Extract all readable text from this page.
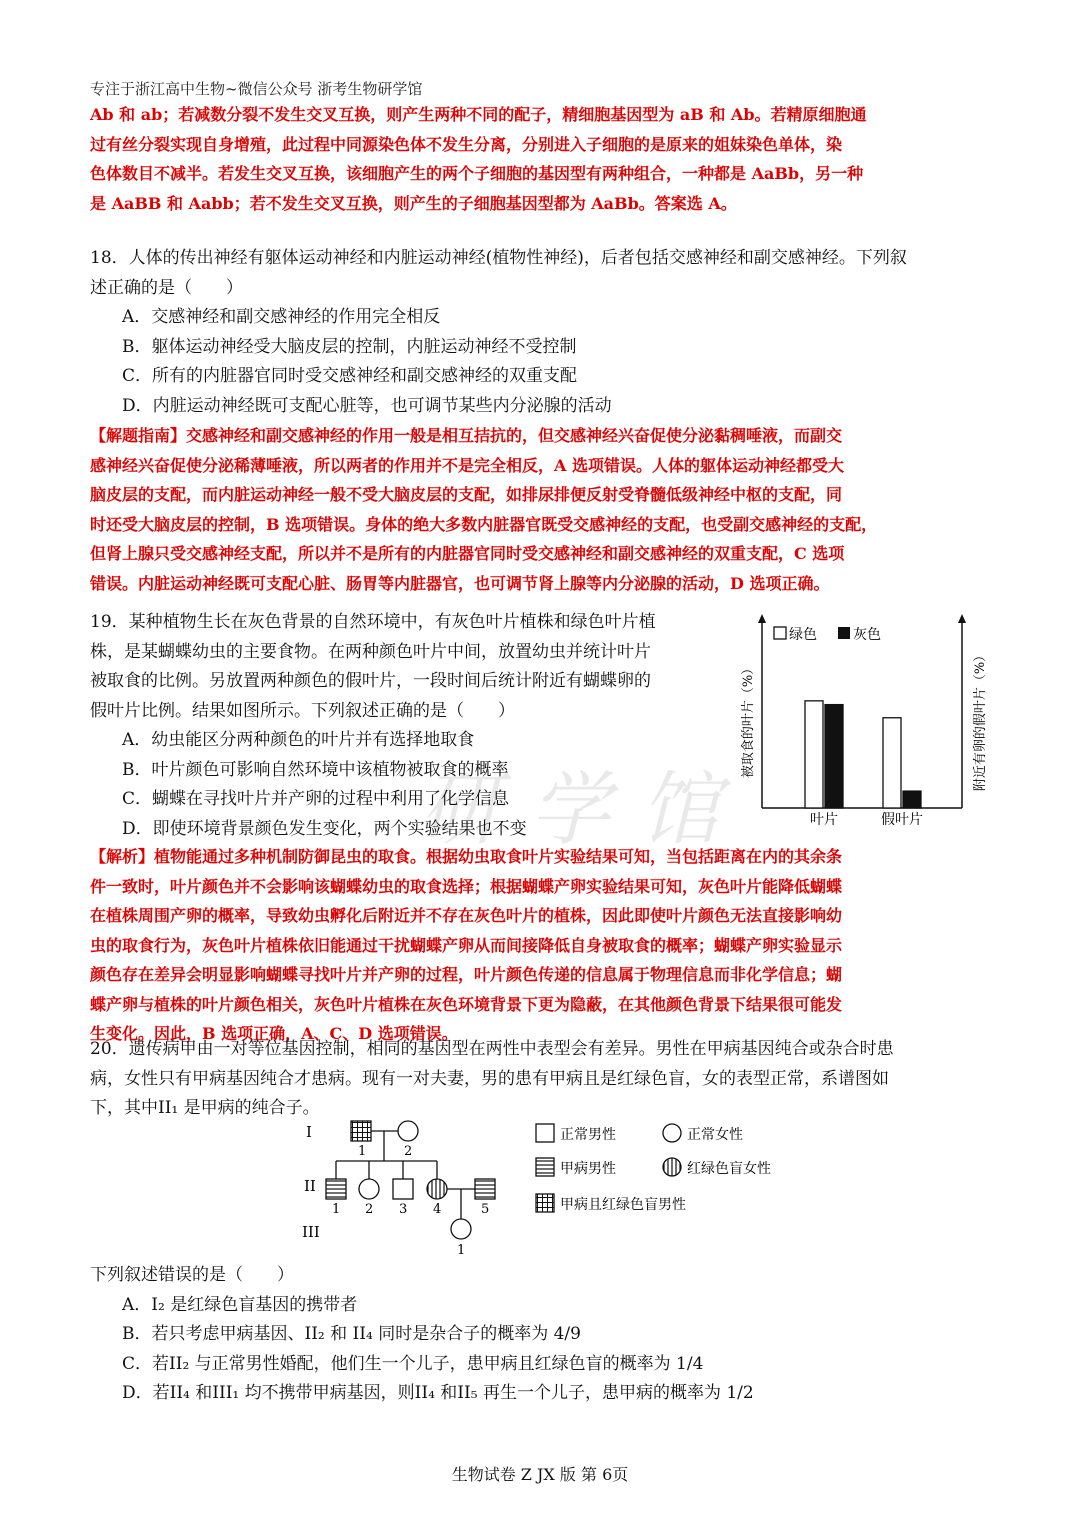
研学馆
专注于浙江高中生物~微信公众号 浙考生物研学馆
Ab 和 ab；若减数分裂不发生交叉互换，则产生两种不同的配子，精细胞基因型为 aB 和 Ab。若精原细胞通
过有丝分裂实现自身增殖，此过程中同源染色体不发生分离，分别进入子细胞的是原来的姐妹染色单体，染
色体数目不减半。若发生交叉互换，该细胞产生的两个子细胞的基因型有两种组合，一种都是 AaBb，另一种
是 AaBB 和 Aabb；若不发生交叉互换，则产生的子细胞基因型都为 AaBb。答案选 A。
18．人体的传出神经有躯体运动神经和内脏运动神经(植物性神经)，后者包括交感神经和副交感神经。下列叙
述正确的是（　　）
A．交感神经和副交感神经的作用完全相反
B．躯体运动神经受大脑皮层的控制，内脏运动神经不受控制
C．所有的内脏器官同时受交感神经和副交感神经的双重支配
D．内脏运动神经既可支配心脏等，也可调节某些内分泌腺的活动
【解题指南】交感神经和副交感神经的作用一般是相互拮抗的，但交感神经兴奋促使分泌黏稠唾液，而副交
感神经兴奋促使分泌稀薄唾液，所以两者的作用并不是完全相反，A 选项错误。人体的躯体运动神经都受大
脑皮层的支配，而内脏运动神经一般不受大脑皮层的支配，如排尿排便反射受脊髓低级神经中枢的支配，同
时还受大脑皮层的控制，B 选项错误。身体的绝大多数内脏器官既受交感神经的支配，也受副交感神经的支配，
但肾上腺只受交感神经支配，所以并不是所有的内脏器官同时受交感神经和副交感神经的双重支配，C 选项
错误。内脏运动神经既可支配心脏、肠胃等内脏器官，也可调节肾上腺等内分泌腺的活动，D 选项正确。
19．某种植物生长在灰色背景的自然环境中，有灰色叶片植株和绿色叶片植
株，是某蝴蝶幼虫的主要食物。在两种颜色叶片中间，放置幼虫并统计叶片
被取食的比例。另放置两种颜色的假叶片，一段时间后统计附近有蝴蝶卵的
假叶片比例。结果如图所示。下列叙述正确的是（　　）
A．幼虫能区分两种颜色的叶片并有选择地取食
B．叶片颜色可影响自然环境中该植物被取食的概率
C．蝴蝶在寻找叶片并产卵的过程中利用了化学信息
D．即使环境背景颜色发生变化，两个实验结果也不变
绿色	灰色
被取食的叶片（%）	附近有卵的假叶片（%）
叶片	假叶片
【解析】植物能通过多种机制防御昆虫的取食。根据幼虫取食叶片实验结果可知，当包括距离在内的其余条
件一致时，叶片颜色并不会影响该蝴蝶幼虫的取食选择；根据蝴蝶产卵实验结果可知，灰色叶片能降低蝴蝶
在植株周围产卵的概率，导致幼虫孵化后附近并不存在灰色叶片的植株，因此即使叶片颜色无法直接影响幼
虫的取食行为，灰色叶片植株依旧能通过干扰蝴蝶产卵从而间接降低自身被取食的概率；蝴蝶产卵实验显示
颜色存在差异会明显影响蝴蝶寻找叶片并产卵的过程，叶片颜色传递的信息属于物理信息而非化学信息；蝴
蝶产卵与植株的叶片颜色相关，灰色叶片植株在灰色环境背景下更为隐蔽，在其他颜色背景下结果很可能发
生变化。因此，B 选项正确，A、C、D 选项错误。
20．遗传病甲由一对等位基因控制，相同的基因型在两性中表型会有差异。男性在甲病基因纯合或杂合时患
病，女性只有甲病基因纯合才患病。现有一对夫妻，男的患有甲病且是红绿色盲，女的表型正常，系谱图如
下，其中II₁ 是甲病的纯合子。
I
II
III
1	2
1 2 3 4	5
1
正常男性	正常女性
甲病男性	红绿色盲女性
甲病且红绿色盲男性
下列叙述错误的是（　　）
A．I₂ 是红绿色盲基因的携带者
B．若只考虑甲病基因、II₂ 和 II₄ 同时是杂合子的概率为 4/9
C．若II₂ 与正常男性婚配，他们生一个儿子，患甲病且红绿色盲的概率为 1/4
D．若II₄ 和III₁ 均不携带甲病基因，则II₄ 和II₅ 再生一个儿子，患甲病的概率为 1/2
生物试卷 Z JX 版 第 6页
